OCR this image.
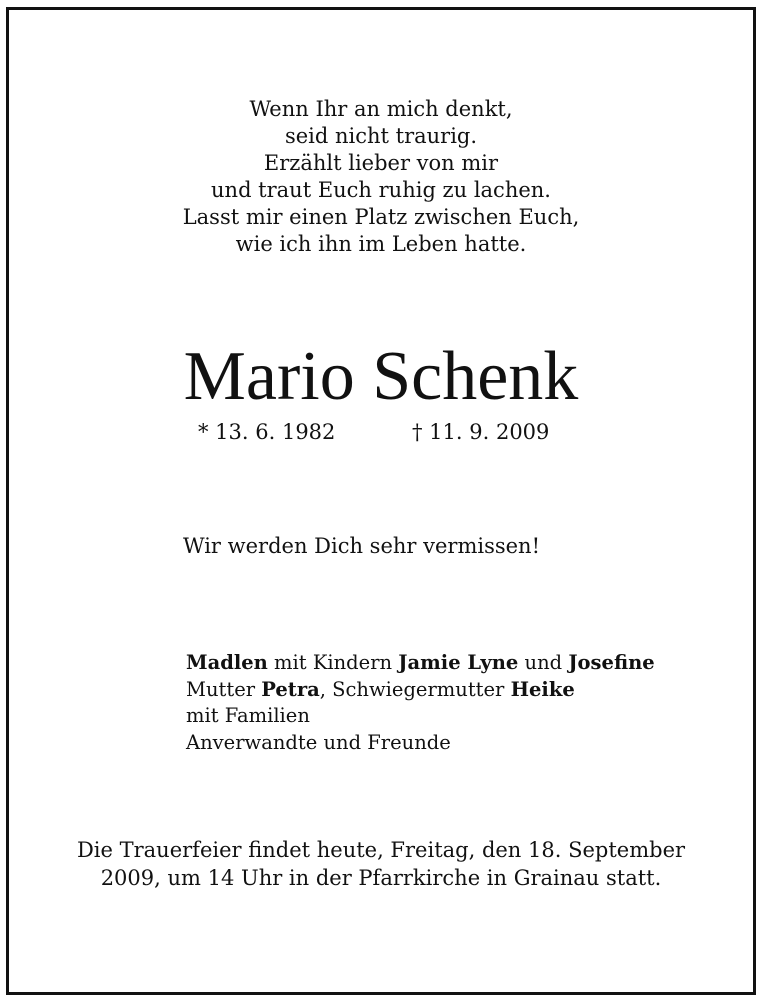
Wenn Ihr an mich denkt,
seid nicht traurig.
Erzählt lieber von mir
und traut Euch ruhig zu lachen.
Lasst mir einen Platz zwischen Euch,
wie ich ihn im Leben hatte.
Mario Schenk
* 13. 6. 1982	† 11. 9. 2009
Wir werden Dich sehr vermissen!
Madlen mit Kindern Jamie Lyne und Josefine
Mutter Petra, Schwiegermutter Heike
mit Familien
Anverwandte und Freunde
Die Trauerfeier findet heute, Freitag, den 18. September
2009, um 14 Uhr in der Pfarrkirche in Grainau statt.
